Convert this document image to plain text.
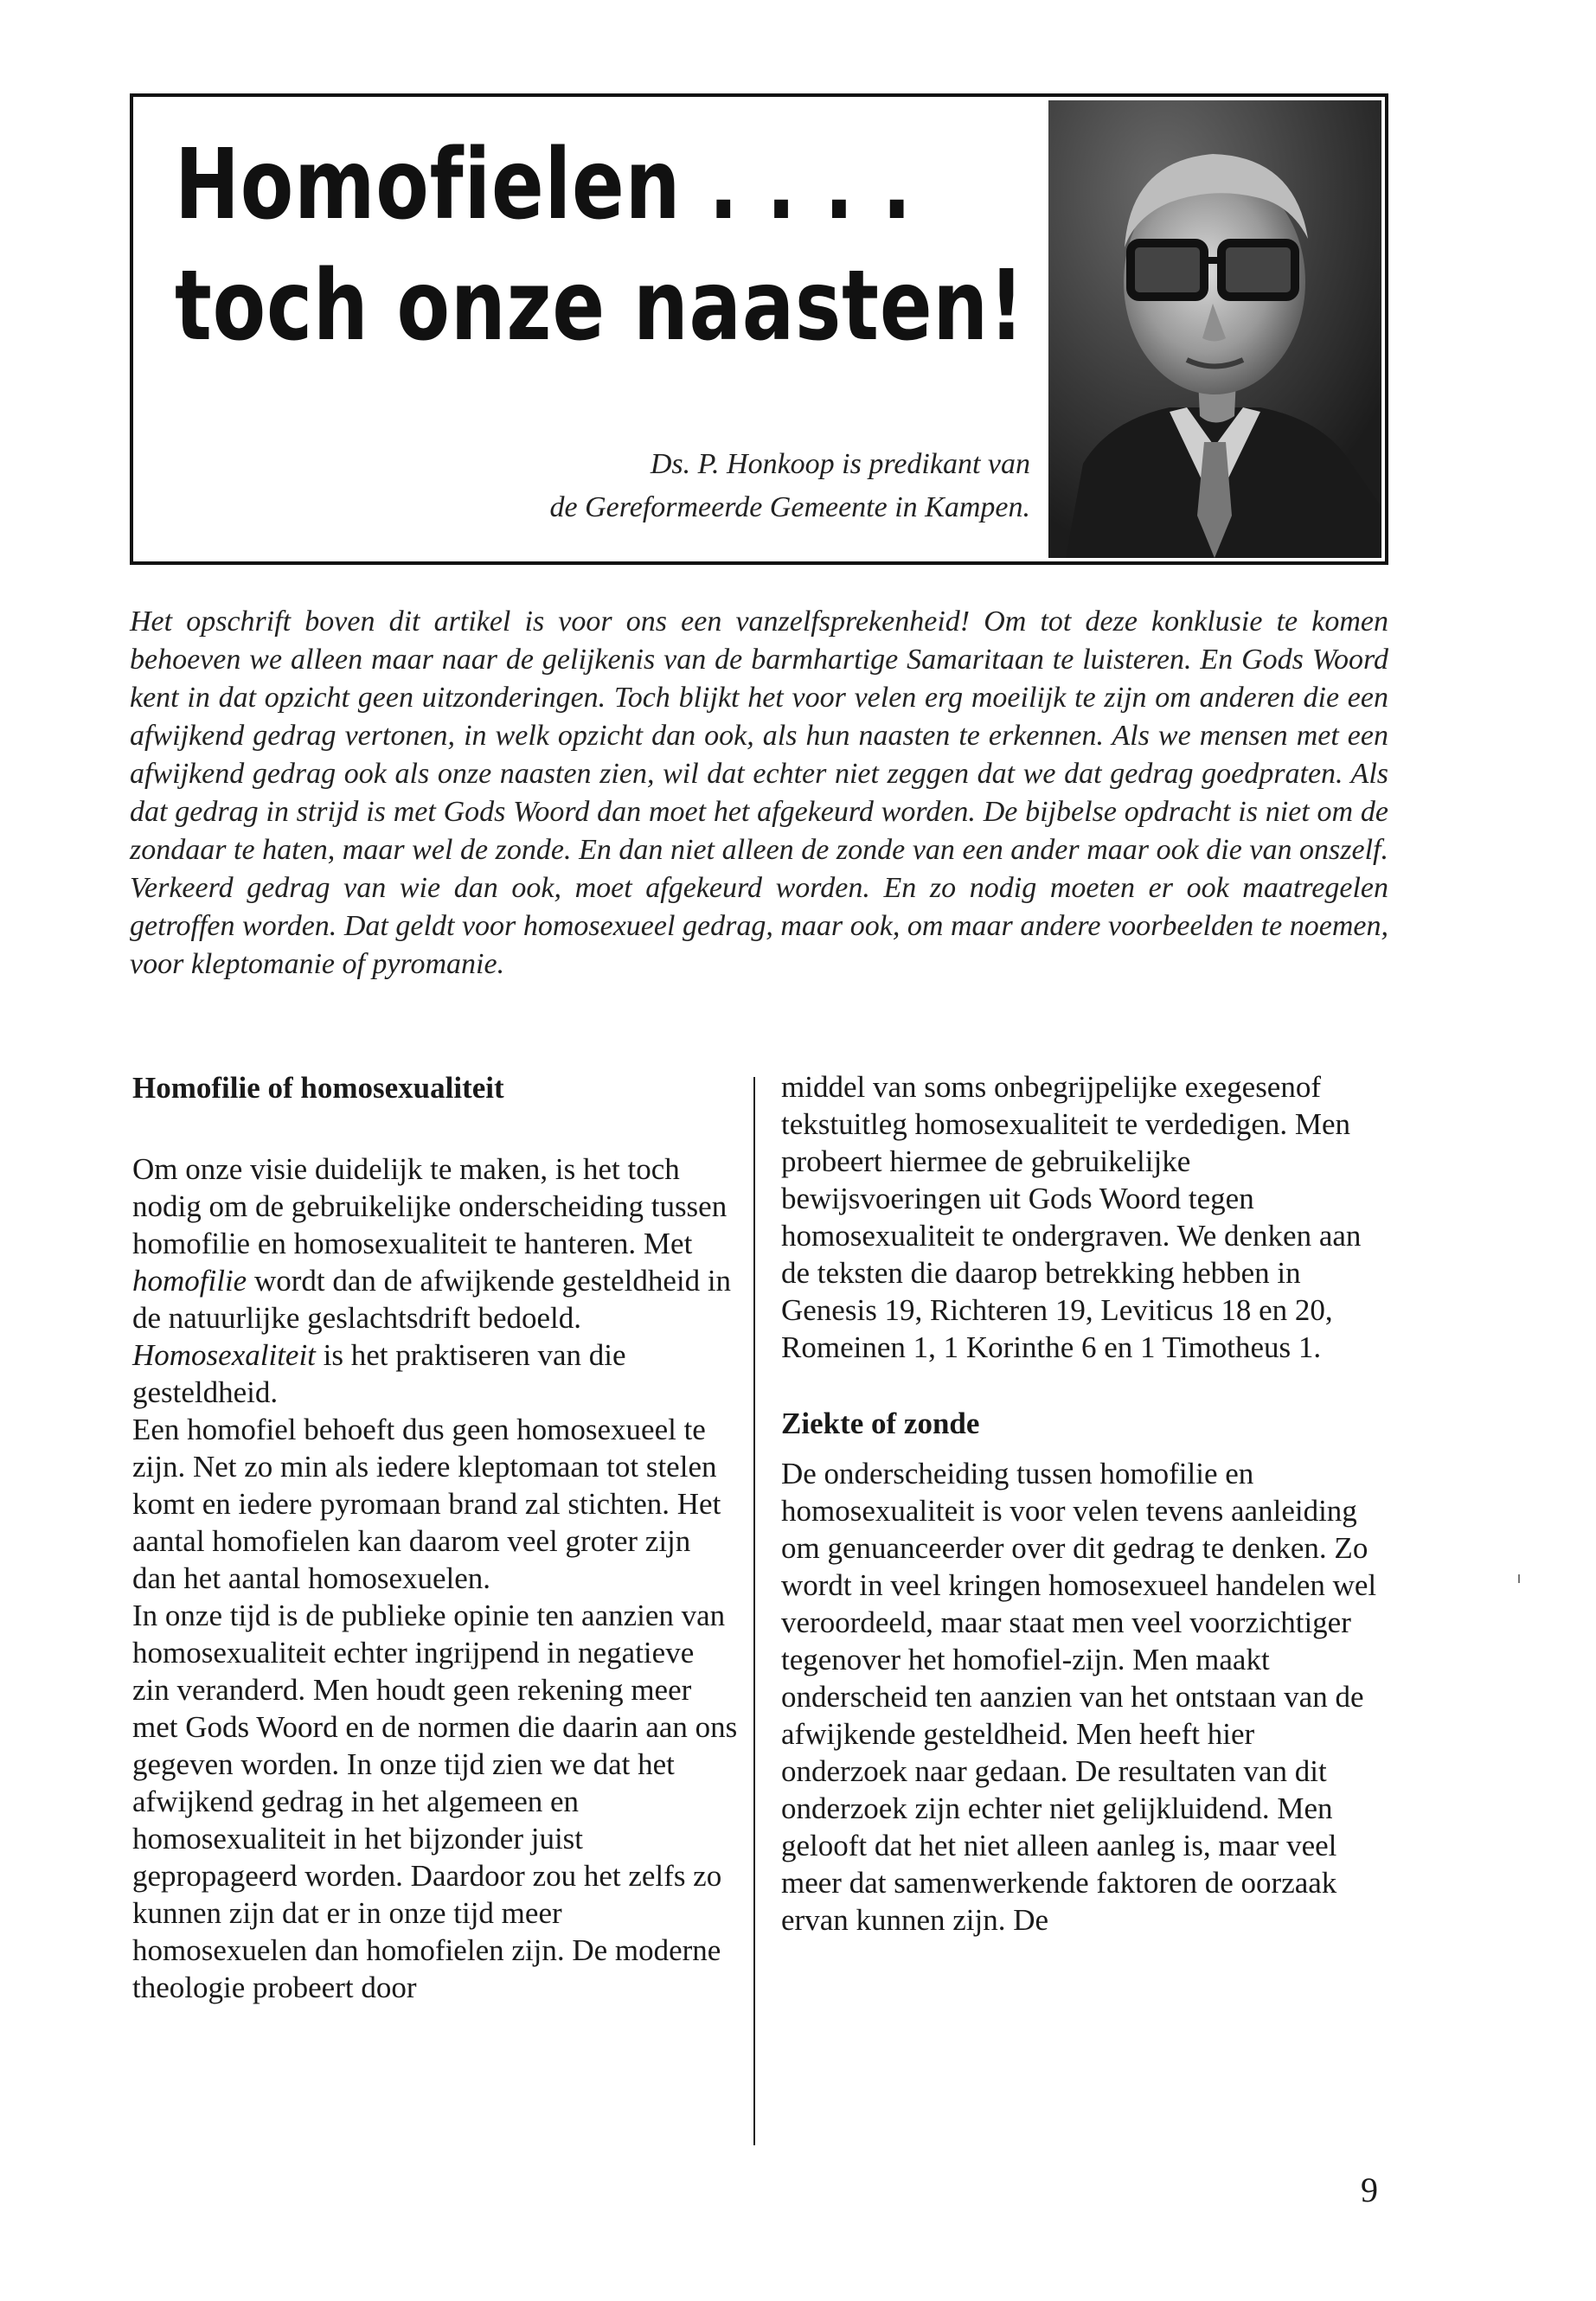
Homofielen . . . .
toch onze naasten!
Ds. P. Honkoop is predikant van
de Gereformeerde Gemeente in Kampen.

Het opschrift boven dit artikel is voor ons een vanzelfsprekenheid! Om tot deze konklusie te komen behoeven we alleen maar naar de gelijkenis van de barmhartige Samaritaan te luisteren. En Gods Woord kent in dat opzicht geen uitzonderingen. Toch blijkt het voor velen erg moeilijk te zijn om anderen die een afwijkend gedrag vertonen, in welk opzicht dan ook, als hun naasten te erkennen. Als we mensen met een afwijkend gedrag ook als onze naasten zien, wil dat echter niet zeggen dat we dat gedrag goedpraten. Als dat gedrag in strijd is met Gods Woord dan moet het afgekeurd worden. De bijbelse opdracht is niet om de zondaar te haten, maar wel de zonde. En dan niet alleen de zonde van een ander maar ook die van onszelf. Verkeerd gedrag van wie dan ook, moet afgekeurd worden. En zo nodig moeten er ook maatregelen getroffen worden. Dat geldt voor homosexueel gedrag, maar ook, om maar andere voorbeelden te noemen, voor kleptomanie of pyromanie.

Homofilie of homosexualiteit

Om onze visie duidelijk te maken, is het toch nodig om de gebruikelijke onderscheiding tussen homofilie en homosexualiteit te hanteren. Met homofilie wordt dan de afwijkende gesteldheid in de natuurlijke geslachtsdrift bedoeld. Homosexaliteit is het praktiseren van die gesteldheid.

Een homofiel behoeft dus geen homosexueel te zijn. Net zo min als iedere kleptomaan tot stelen komt en iedere pyromaan brand zal stichten. Het aantal homofielen kan daarom veel groter zijn dan het aantal homosexuelen.

In onze tijd is de publieke opinie ten aanzien van homosexualiteit echter ingrijpend in negatieve zin veranderd. Men houdt geen rekening meer met Gods Woord en de normen die daarin aan ons gegeven worden. In onze tijd zien we dat het afwijkend gedrag in het algemeen en homosexualiteit in het bijzonder juist gepropageerd worden. Daardoor zou het zelfs zo kunnen zijn dat er in onze tijd meer homosexuelen dan homofielen zijn. De moderne theologie probeert door

middel van soms onbegrijpelijke exegesenof tekstuitleg homosexualiteit te verdedigen. Men probeert hiermee de gebruikelijke bewijsvoeringen uit Gods Woord tegen homosexualiteit te ondergraven. We denken aan de teksten die daarop betrekking hebben in Genesis 19, Richteren 19, Leviticus 18 en 20, Romeinen 1, 1 Korinthe 6 en 1 Timotheus 1.

Ziekte of zonde

De onderscheiding tussen homofilie en homosexualiteit is voor velen tevens aanleiding om genuanceerder over dit gedrag te denken. Zo wordt in veel kringen homosexueel handelen wel veroordeeld, maar staat men veel voorzichtiger tegenover het homofiel-zijn. Men maakt onderscheid ten aanzien van het ontstaan van de afwijkende gesteldheid. Men heeft hier onderzoek naar gedaan. De resultaten van dit onderzoek zijn echter niet gelijkluidend. Men gelooft dat het niet alleen aanleg is, maar veel meer dat samenwerkende faktoren de oorzaak ervan kunnen zijn. De

9
